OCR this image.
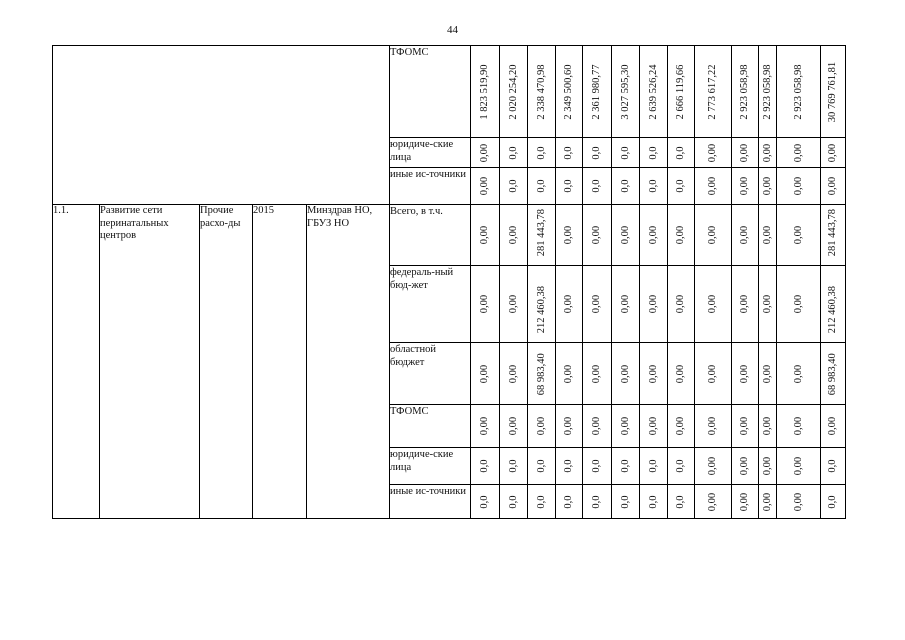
44
					ТФОМС	1 823 519,90	2 020 254,20	2 338 470,98	2 349 500,60	2 361 980,77	3 027 595,30	2 639 526,24	2 666 119,66	2 773 617,22	2 923 058,98	2 923 058,98	2 923 058,98	30 769 761,81

					юридиче-ские лица	0,00	0,0	0,0	0,0	0,0	0,0	0,0	0,0	0,00	0,00	0,00	0,00	0,00

					иные ис-точники	0,00	0,0	0,0	0,0	0,0	0,0	0,0	0,0	0,00	0,00	0,00	0,00	0,00

1.1.	Развитие сети перинатальных центров	Прочие расхо-ды	2015	Минздрав НО, ГБУЗ НО	Всего, в т.ч.	0,00	0,00	281 443,78	0,00	0,00	0,00	0,00	0,00	0,00	0,00	0,00	0,00	281 443,78

					федераль-ный бюд-жет	0,00	0,00	212 460,38	0,00	0,00	0,00	0,00	0,00	0,00	0,00	0,00	0,00	212 460,38

					областной бюджет	0,00	0,00	68 983,40	0,00	0,00	0,00	0,00	0,00	0,00	0,00	0,00	0,00	68 983,40

					ТФОМС	0,00	0,00	0,00	0,00	0,00	0,00	0,00	0,00	0,00	0,00	0,00	0,00	0,00

					юридиче-ские лица	0,0	0,0	0,0	0,0	0,0	0,0	0,0	0,0	0,00	0,00	0,00	0,00	0,0

					иные ис-точники	0,0	0,0	0,0	0,0	0,0	0,0	0,0	0,0	0,00	0,00	0,00	0,00	0,0
